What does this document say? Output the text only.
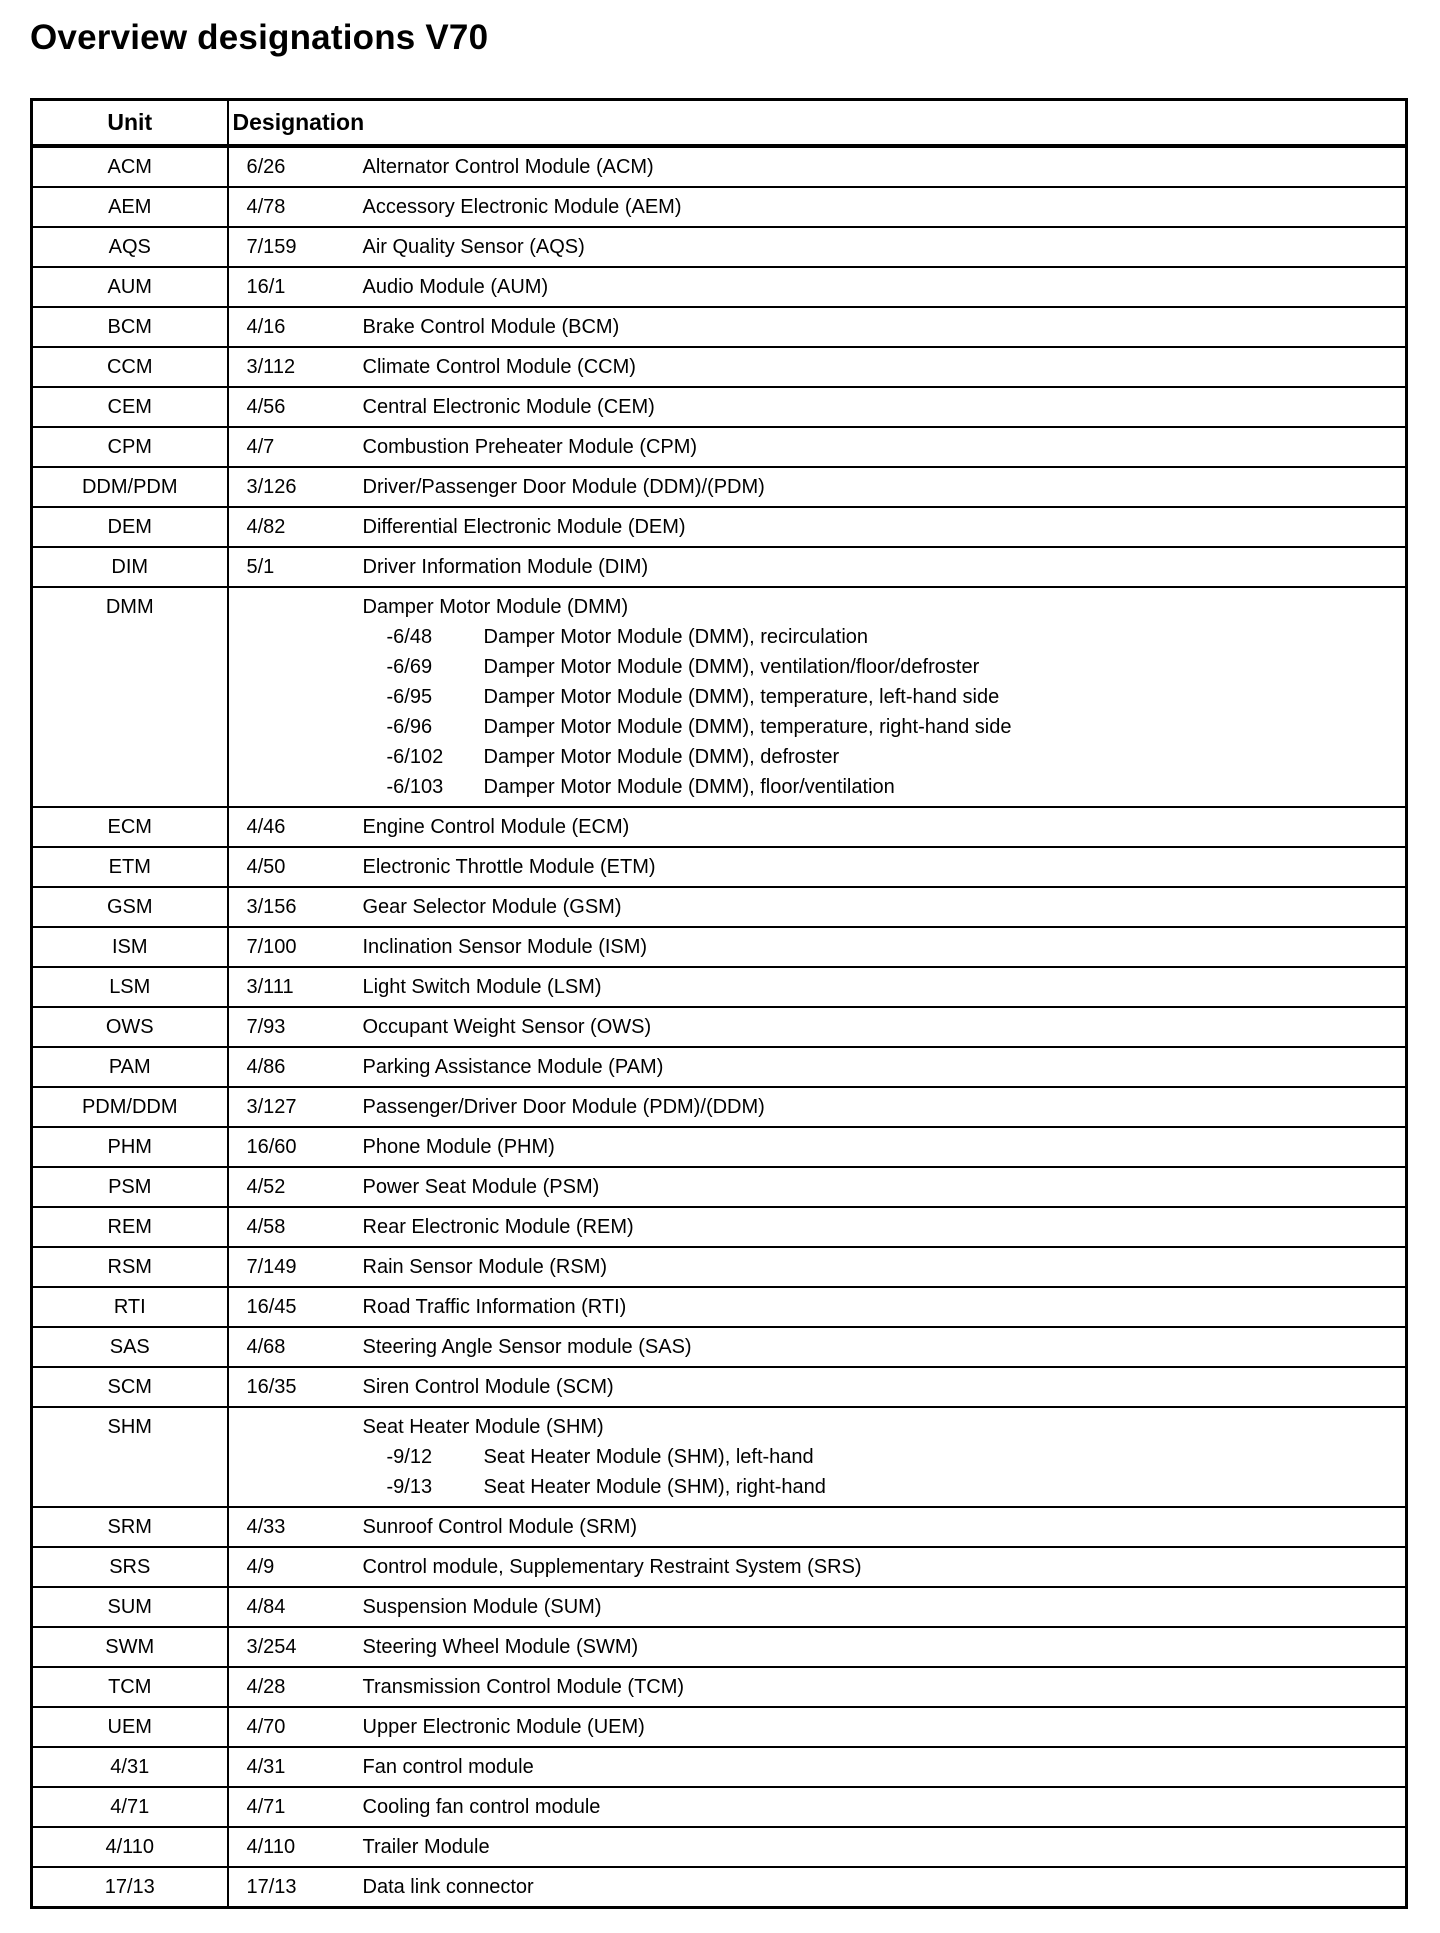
Overview designations V70
Unit	Designation
ACM	6/26 Alternator Control Module (ACM)

AEM	4/78 Accessory Electronic Module (AEM)

AQS	7/159 Air Quality Sensor (AQS)

AUM	16/1 Audio Module (AUM)

BCM	4/16 Brake Control Module (BCM)

CCM	3/112 Climate Control Module (CCM)

CEM	4/56 Central Electronic Module (CEM)

CPM	4/7 Combustion Preheater Module (CPM)

DDM/PDM	3/126 Driver/Passenger Door Module (DDM)/(PDM)

DEM	4/82 Differential Electronic Module (DEM)

DIM	5/1 Driver Information Module (DIM)

DMM	Damper Motor Module (DMM)
-6/48	Damper Motor Module (DMM), recirculation
-6/69	Damper Motor Module (DMM), ventilation/floor/defroster
-6/95	Damper Motor Module (DMM), temperature, left-hand side
-6/96	Damper Motor Module (DMM), temperature, right-hand side
-6/102	Damper Motor Module (DMM), defroster
-6/103	Damper Motor Module (DMM), floor/ventilation

ECM	4/46 Engine Control Module (ECM)

ETM	4/50 Electronic Throttle Module (ETM)

GSM	3/156 Gear Selector Module (GSM)

ISM	7/100 Inclination Sensor Module (ISM)

LSM	3/111 Light Switch Module (LSM)

OWS	7/93 Occupant Weight Sensor (OWS)

PAM	4/86 Parking Assistance Module (PAM)

PDM/DDM	3/127 Passenger/Driver Door Module (PDM)/(DDM)

PHM	16/60 Phone Module (PHM)

PSM	4/52 Power Seat Module (PSM)

REM	4/58 Rear Electronic Module (REM)

RSM	7/149 Rain Sensor Module (RSM)

RTI	16/45 Road Traffic Information (RTI)

SAS	4/68 Steering Angle Sensor module (SAS)

SCM	16/35 Siren Control Module (SCM)

SHM	Seat Heater Module (SHM)
-9/12 Seat Heater Module (SHM), left-hand
-9/13 Seat Heater Module (SHM), right-hand

SRM	4/33 Sunroof Control Module (SRM)

SRS	4/9 Control module, Supplementary Restraint System (SRS)

SUM	4/84 Suspension Module (SUM)

SWM	3/254 Steering Wheel Module (SWM)

TCM	4/28 Transmission Control Module (TCM)

UEM	4/70 Upper Electronic Module (UEM)

4/31	4/31 Fan control module

4/71	4/71 Cooling fan control module

4/110	4/110 Trailer Module

17/13	17/13 Data link connector
